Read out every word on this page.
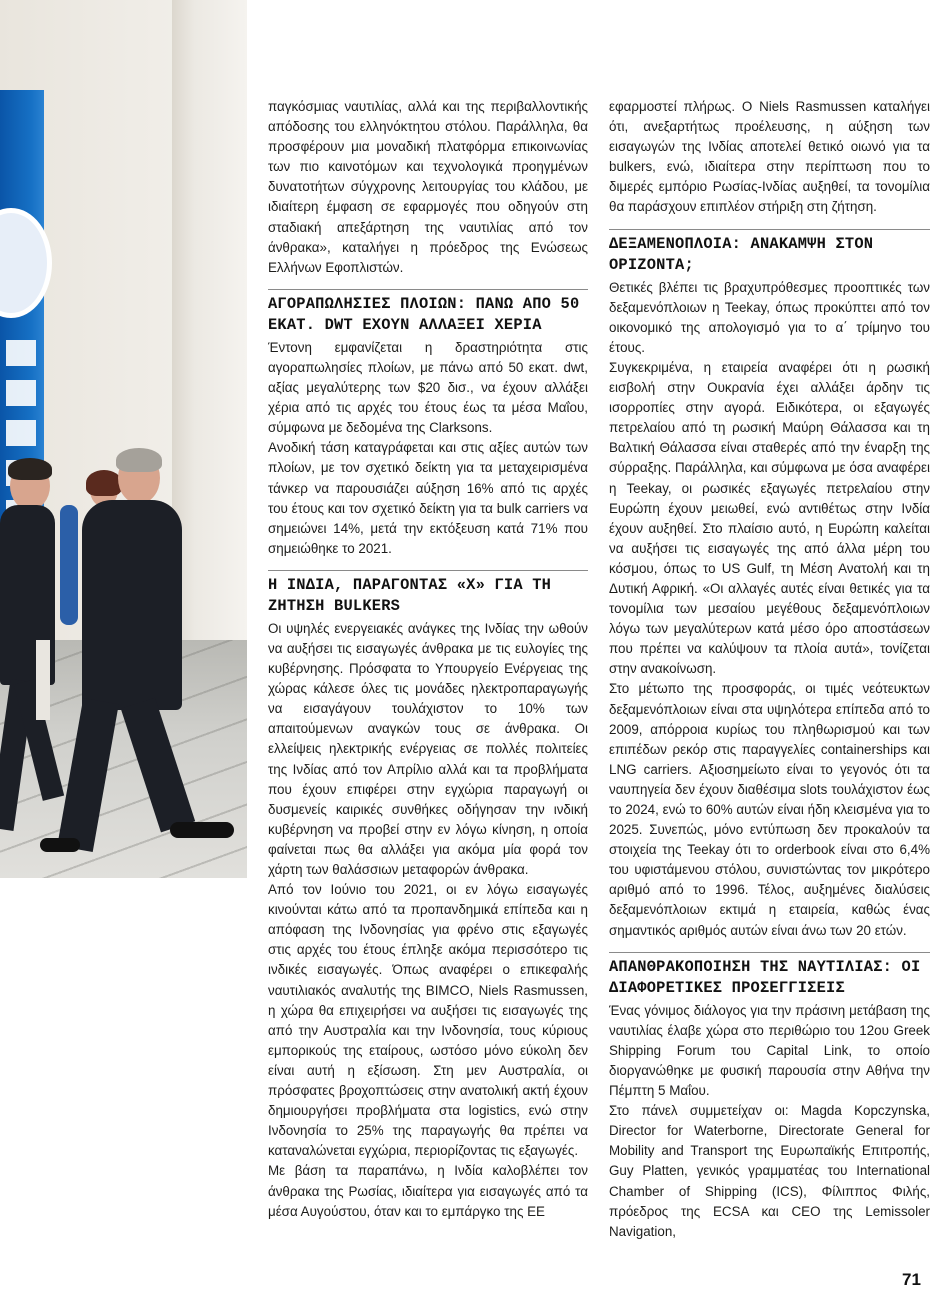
παγκόσμιας ναυτιλίας, αλλά και της περιβαλλοντικής απόδοσης του ελληνόκτητου στόλου. Παράλληλα, θα προσφέρουν μια μοναδική πλατφόρμα επικοινωνίας των πιο καινοτόμων και τεχνολογικά προηγμένων δυνατοτήτων σύγχρονης λειτουργίας του κλάδου, με ιδιαίτερη έμφαση σε εφαρμογές που οδηγούν στη σταδιακή απεξάρτηση της ναυτιλίας από τον άνθρακα», καταλήγει η πρόεδρος της Ενώσεως Ελλήνων Εφοπλιστών.

ΑΓΟΡΑΠΩΛΗΣΙΕΣ ΠΛΟΙΩΝ: ΠΑΝΩ ΑΠΟ 50 ΕΚΑΤ. DWT ΕΧΟΥΝ ΑΛΛΑΞΕΙ ΧΕΡΙΑ

Έντονη εμφανίζεται η δραστηριότητα στις αγοραπωλησίες πλοίων, με πάνω από 50 εκατ. dwt, αξίας μεγαλύτερης των $20 δισ., να έχουν αλλάξει χέρια από τις αρχές του έτους έως τα μέσα Μαΐου, σύμφωνα με δεδομένα της Clarksons.

Ανοδική τάση καταγράφεται και στις αξίες αυτών των πλοίων, με τον σχετικό δείκτη για τα μεταχειρισμένα τάνκερ να παρουσιάζει αύξηση 16% από τις αρχές του έτους και τον σχετικό δείκτη για τα bulk carriers να σημειώνει 14%, μετά την εκτόξευση κατά 71% που σημειώθηκε το 2021.

Η ΙΝΔΙΑ, ΠΑΡΑΓΟΝΤΑΣ «Χ» ΓΙΑ ΤΗ ΖΗΤΗΣΗ BULKERS

Οι υψηλές ενεργειακές ανάγκες της Ινδίας την ωθούν να αυξήσει τις εισαγωγές άνθρακα με τις ευλογίες της κυβέρνησης. Πρόσφατα το Υπουργείο Ενέργειας της χώρας κάλεσε όλες τις μονάδες ηλεκτροπαραγωγής να εισαγάγουν τουλάχιστον το 10% των απαιτούμενων αναγκών τους σε άνθρακα. Οι ελλείψεις ηλεκτρικής ενέργειας σε πολλές πολιτείες της Ινδίας από τον Απρίλιο αλλά και τα προβλήματα που έχουν επιφέρει στην εγχώρια παραγωγή οι δυσμενείς καιρικές συνθήκες οδήγησαν την ινδική κυβέρνηση να προβεί στην εν λόγω κίνηση, η οποία φαίνεται πως θα αλλάξει για ακόμα μία φορά τον χάρτη των θαλάσσιων μεταφορών άνθρακα.

Από τον Ιούνιο του 2021, οι εν λόγω εισαγωγές κινούνται κάτω από τα προπανδημικά επίπεδα και η απόφαση της Ινδονησίας για φρένο στις εξαγωγές στις αρχές του έτους έπληξε ακόμα περισσότερο τις ινδικές εισαγωγές. Όπως αναφέρει ο επικεφαλής ναυτιλιακός αναλυτής της BIMCO, Niels Rasmussen, η χώρα θα επιχειρήσει να αυξήσει τις εισαγωγές της από την Αυστραλία και την Ινδονησία, τους κύριους εμπορικούς της εταίρους, ωστόσο μόνο εύκολη δεν είναι αυτή η εξίσωση. Στη μεν Αυστραλία, οι πρόσφατες βροχοπτώσεις στην ανατολική ακτή έχουν δημιουργήσει προβλήματα στα logistics, ενώ στην Ινδονησία το 25% της παραγωγής θα πρέπει να καταναλώνεται εγχώρια, περιορίζοντας τις εξαγωγές.

Με βάση τα παραπάνω, η Ινδία καλοβλέπει τον άνθρακα της Ρωσίας, ιδιαίτερα για εισαγωγές από τα μέσα Αυγούστου, όταν και το εμπάργκο της ΕΕ

εφαρμοστεί πλήρως. Ο Niels Rasmussen καταλήγει ότι, ανεξαρτήτως προέλευσης, η αύξηση των εισαγωγών της Ινδίας αποτελεί θετικό οιωνό για τα bulkers, ενώ, ιδιαίτερα στην περίπτωση που το διμερές εμπόριο Ρωσίας-Ινδίας αυξηθεί, τα τονομίλια θα παράσχουν επιπλέον στήριξη στη ζήτηση.

ΔΕΞΑΜΕΝΟΠΛΟΙΑ: ΑΝΑΚΑΜΨΗ ΣΤΟΝ ΟΡΙΖΟΝΤΑ;

Θετικές βλέπει τις βραχυπρόθεσμες προοπτικές των δεξαμενόπλοιων η Teekay, όπως προκύπτει από τον οικονομικό της απολογισμό για το α΄ τρίμηνο του έτους.

Συγκεκριμένα, η εταιρεία αναφέρει ότι η ρωσική εισβολή στην Ουκρανία έχει αλλάξει άρδην τις ισορροπίες στην αγορά. Ειδικότερα, οι εξαγωγές πετρελαίου από τη ρωσική Μαύρη Θάλασσα και τη Βαλτική Θάλασσα είναι σταθερές από την έναρξη της σύρραξης. Παράλληλα, και σύμφωνα με όσα αναφέρει η Teekay, οι ρωσικές εξαγωγές πετρελαίου στην Ευρώπη έχουν μειωθεί, ενώ αντιθέτως στην Ινδία έχουν αυξηθεί. Στο πλαίσιο αυτό, η Ευρώπη καλείται να αυξήσει τις εισαγωγές της από άλλα μέρη του κόσμου, όπως το US Gulf, τη Μέση Ανατολή και τη Δυτική Αφρική. «Οι αλλαγές αυτές είναι θετικές για τα τονομίλια των μεσαίου μεγέθους δεξαμενόπλοιων λόγω των μεγαλύτερων κατά μέσο όρο αποστάσεων που πρέπει να καλύψουν τα πλοία αυτά», τονίζεται στην ανακοίνωση.

Στο μέτωπο της προσφοράς, οι τιμές νεότευκτων δεξαμενόπλοιων είναι στα υψηλότερα επίπεδα από το 2009, απόρροια κυρίως του πληθωρισμού και των επιπέδων ρεκόρ στις παραγγελίες containerships και LNG carriers. Αξιοσημείωτο είναι το γεγονός ότι τα ναυπηγεία δεν έχουν διαθέσιμα slots τουλάχιστον έως το 2024, ενώ το 60% αυτών είναι ήδη κλεισμένα για το 2025. Συνεπώς, μόνο εντύπωση δεν προκαλούν τα στοιχεία της Teekay ότι το orderbook είναι στο 6,4% του υφιστάμενου στόλου, συνιστώντας τον μικρότερο αριθμό από το 1996. Τέλος, αυξημένες διαλύσεις δεξαμενόπλοιων εκτιμά η εταιρεία, καθώς ένας σημαντικός αριθμός αυτών είναι άνω των 20 ετών.

ΑΠΑΝΘΡΑΚΟΠΟΙΗΣΗ ΤΗΣ ΝΑΥΤΙΛΙΑΣ: ΟΙ ΔΙΑΦΟΡΕΤΙΚΕΣ ΠΡΟΣΕΓΓΙΣΕΙΣ

Ένας γόνιμος διάλογος για την πράσινη μετάβαση της ναυτιλίας έλαβε χώρα στο περιθώριο του 12ου Greek Shipping Forum του Capital Link, το οποίο διοργανώθηκε με φυσική παρουσία στην Αθήνα την Πέμπτη 5 Μαΐου.

Στο πάνελ συμμετείχαν οι: Magda Kopczynska, Director for Waterborne, Directorate General for Mobility and Transport της Ευρωπαϊκής Επιτροπής, Guy Platten, γενικός γραμματέας του International Chamber of Shipping (ICS), Φίλιππος Φιλής, πρόεδρος της ECSA και CEO της Lemissoler Navigation,

71
